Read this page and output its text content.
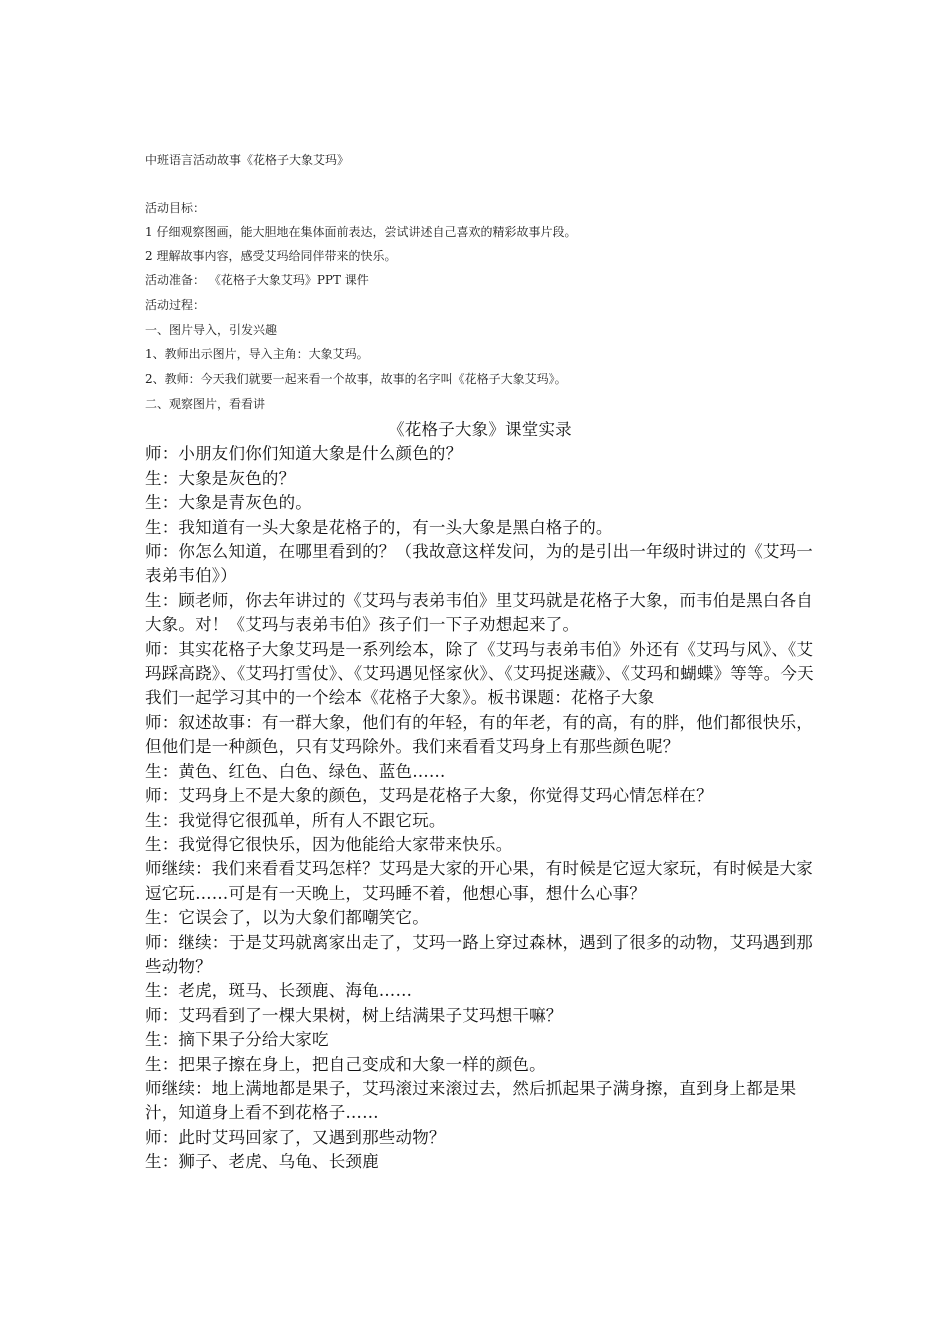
中班语言活动故事《花格子大象艾玛》

活动目标：

1 仔细观察图画，能大胆地在集体面前表达，尝试讲述自己喜欢的精彩故事片段。

2 理解故事内容，感受艾玛给同伴带来的快乐。

活动准备： 《花格子大象艾玛》PPT 课件

活动过程：

一、图片导入，引发兴趣

1、教师出示图片，导入主角：大象艾玛。

2、教师：今天我们就要一起来看一个故事，故事的名字叫《花格子大象艾玛》。

二、观察图片，看看讲

《花格子大象》课堂实录

师：小朋友们你们知道大象是什么颜色的？

生：大象是灰色的？

生：大象是青灰色的。

生：我知道有一头大象是花格子的，有一头大象是黑白格子的。

师：你怎么知道，在哪里看到的？（我故意这样发问，为的是引出一年级时讲过的《艾玛一表弟韦伯》）

生：顾老师，你去年讲过的《艾玛与表弟韦伯》里艾玛就是花格子大象，而韦伯是黑白各自大象。对！《艾玛与表弟韦伯》孩子们一下子劝想起来了。

师：其实花格子大象艾玛是一系列绘本，除了《艾玛与表弟韦伯》外还有《艾玛与风》、《艾玛踩高跷》、《艾玛打雪仗》、《艾玛遇见怪家伙》、《艾玛捉迷藏》、《艾玛和蝴蝶》等等。今天我们一起学习其中的一个绘本《花格子大象》。板书课题：花格子大象

师：叙述故事：有一群大象，他们有的年轻，有的年老，有的高，有的胖，他们都很快乐，但他们是一种颜色，只有艾玛除外。我们来看看艾玛身上有那些颜色呢？

生：黄色、红色、白色、绿色、蓝色……

师：艾玛身上不是大象的颜色，艾玛是花格子大象，你觉得艾玛心情怎样在？

生：我觉得它很孤单，所有人不跟它玩。

生：我觉得它很快乐，因为他能给大家带来快乐。

师继续：我们来看看艾玛怎样？艾玛是大家的开心果，有时候是它逗大家玩，有时候是大家逗它玩……可是有一天晚上，艾玛睡不着，他想心事，想什么心事？

生：它误会了，以为大象们都嘲笑它。

师：继续：于是艾玛就离家出走了，艾玛一路上穿过森林，遇到了很多的动物，艾玛遇到那些动物？

生：老虎，斑马、长颈鹿、海龟……

师：艾玛看到了一棵大果树，树上结满果子艾玛想干嘛？

生：摘下果子分给大家吃

生：把果子擦在身上，把自己变成和大象一样的颜色。

师继续：地上满地都是果子，艾玛滚过来滚过去，然后抓起果子满身擦，直到身上都是果汁，知道身上看不到花格子……

师：此时艾玛回家了，又遇到那些动物？

生：狮子、老虎、乌龟、长颈鹿
